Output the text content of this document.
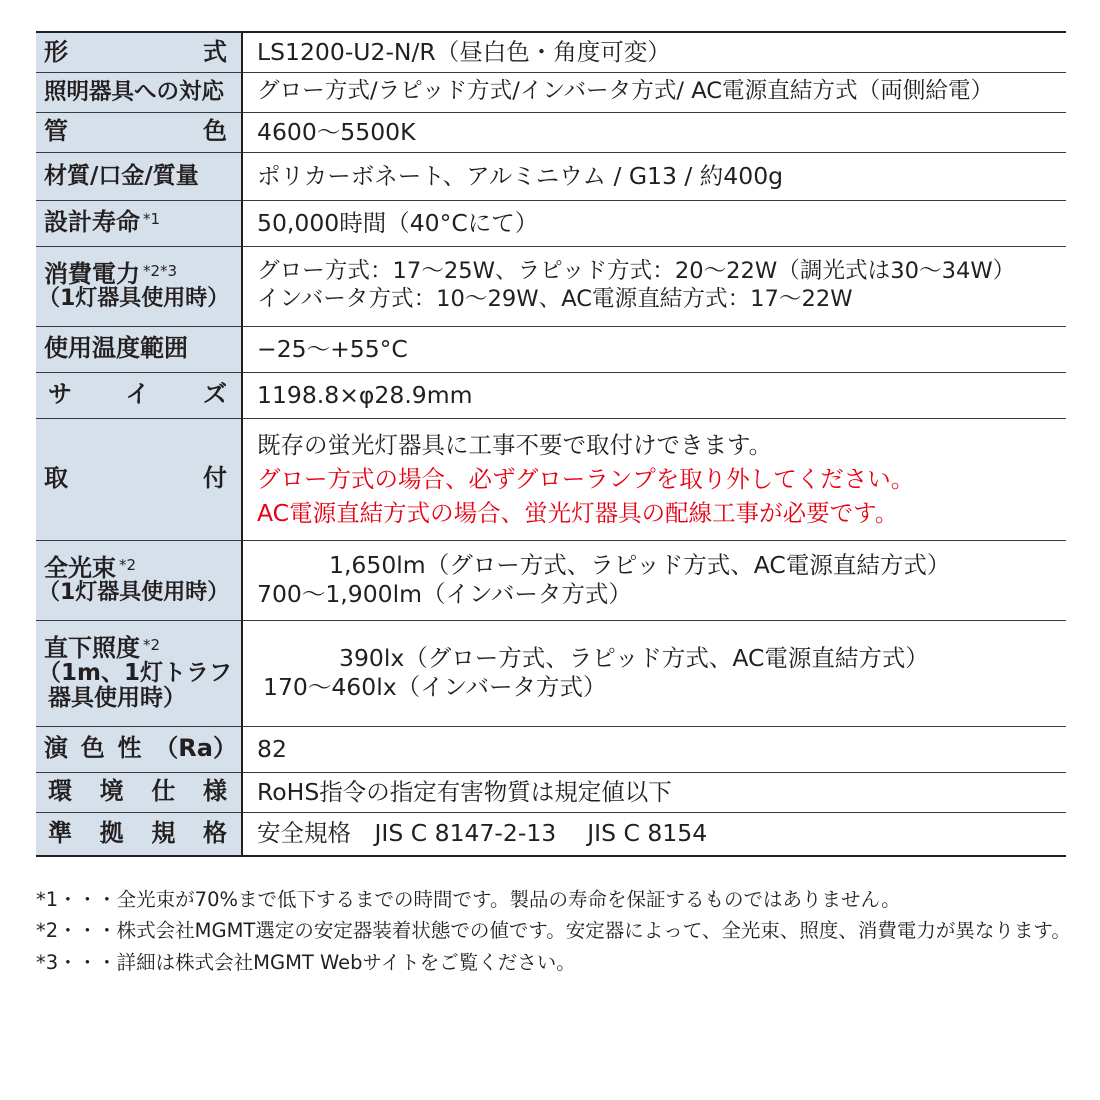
形 式	LS1200-U2-N/R（昼白色・角度可変）

照明器具への対応	グロー方式/ラピッド方式/インバータ方式/ AC電源直結方式（両側給電）

管 色	4600〜5500K

材質/口金/質量	ポリカーボネート、アルミニウム / G13 / 約400g

設計寿命 $^{*1}$	50,000時間（40°Cにて）

消費電力 $^{*2*3}$
（1灯器具使用時）	グロー方式：17〜25W、ラピッド方式：20〜22W（調光式は30〜34W）
インバータ方式：10〜29W、AC電源直結方式：17〜22W

使用温度範囲	−25〜+55°C

サ イ ズ	1198.8×φ28.9mm

取 付	既存の蛍光灯器具に工事不要で取付けできます。
グロー方式の場合、必ずグローランプを取り外してください。
AC電源直結方式の場合、蛍光灯器具の配線工事が必要です。

全光束 $^{*2}$
（1灯器具使用時）	1,650lm（グロー方式、ラピッド方式、AC電源直結方式）
700〜1,900lm（インバータ方式）

直下照度 $^{*2}$
（1m、1灯トラフ
器具使用時）	390lx（グロー方式、ラピッド方式、AC電源直結方式）
170〜460lx（インバータ方式）

演 色 性 （Ra）	82

環 境 仕 様	RoHS指令の指定有害物質は規定値以下

準 拠 規 格	安全規格　JIS C 8147-2-13　 JIS C 8154
*1・・・ 全光束が70%まで低下するまでの時間です。製品の寿命を保証するものではありません。
*2・・・ 株式会社MGMT選定の安定器装着状態での値です。安定器によって、全光束、照度、消費電力が異なります。
*3・・・ 詳細は株式会社MGMT Webサイトをご覧ください。
